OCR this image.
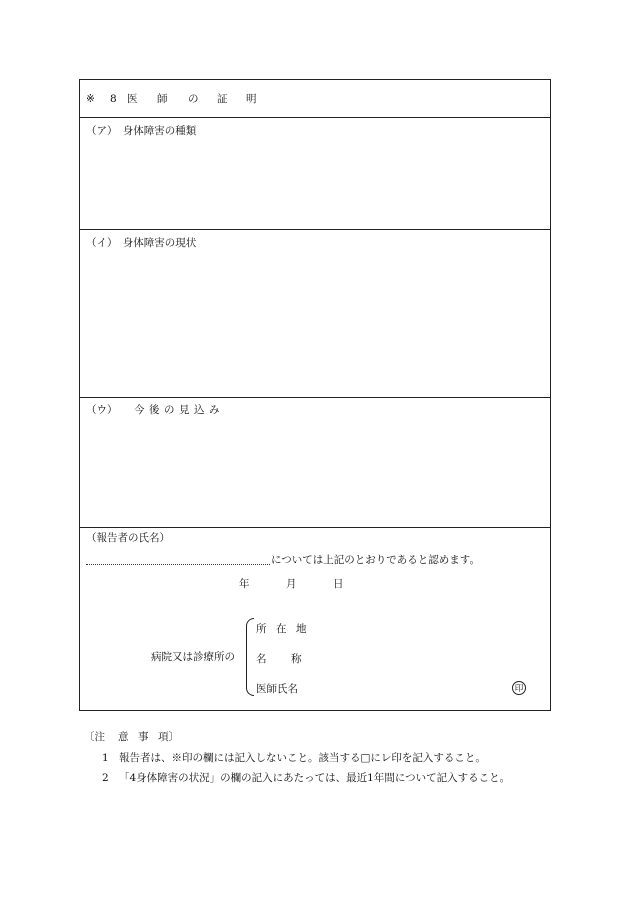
※ 8 医 師 の 証 明
（ア）　身体障害の種類
（イ）　身体障害の現状
（ウ） 今 後 の 見 込 み
（報告者の氏名）
については上記のとおりであると認めます。
年	月	日
病院又は診療所の
所 在 地
名 称
医師氏名	印
〔注 意 事 項〕
1 報告者は、※印の欄には記入しないこと。該当する□にレ印を記入すること。
2 「4身体障害の状況」の欄の記入にあたっては、最近1年間について記入すること。
